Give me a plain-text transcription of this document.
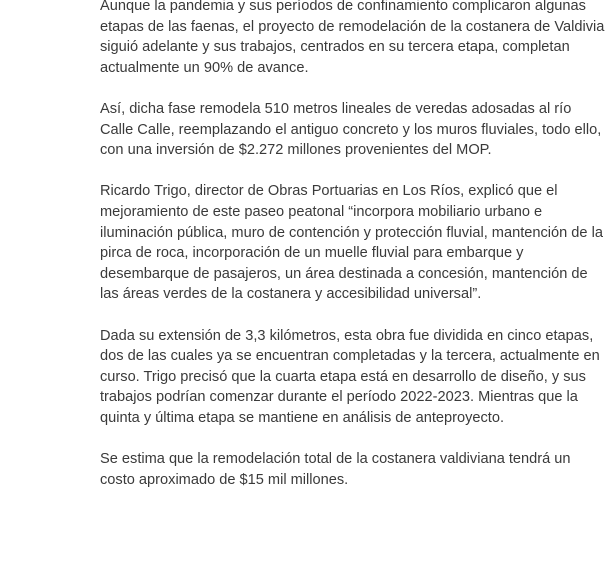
Aunque la pandemia y sus períodos de confinamiento complicaron algunas etapas de las faenas, el proyecto de remodelación de la costanera de Valdivia siguió adelante y sus trabajos, centrados en su tercera etapa, completan actualmente un 90% de avance.

Así, dicha fase remodela 510 metros lineales de veredas adosadas al río Calle Calle, reemplazando el antiguo concreto y los muros fluviales, todo ello, con una inversión de $2.272 millones provenientes del MOP.

Ricardo Trigo, director de Obras Portuarias en Los Ríos, explicó que el mejoramiento de este paseo peatonal “incorpora mobiliario urbano e iluminación pública, muro de contención y protección fluvial, mantención de la pirca de roca, incorporación de un muelle fluvial para embarque y desembarque de pasajeros, un área destinada a concesión, mantención de las áreas verdes de la costanera y accesibilidad universal”.

Dada su extensión de 3,3 kilómetros, esta obra fue dividida en cinco etapas, dos de las cuales ya se encuentran completadas y la tercera, actualmente en curso. Trigo precisó que la cuarta etapa está en desarrollo de diseño, y sus trabajos podrían comenzar durante el período 2022-2023. Mientras que la quinta y última etapa se mantiene en análisis de anteproyecto.

Se estima que la remodelación total de la costanera valdiviana tendrá un costo aproximado de $15 mil millones.
